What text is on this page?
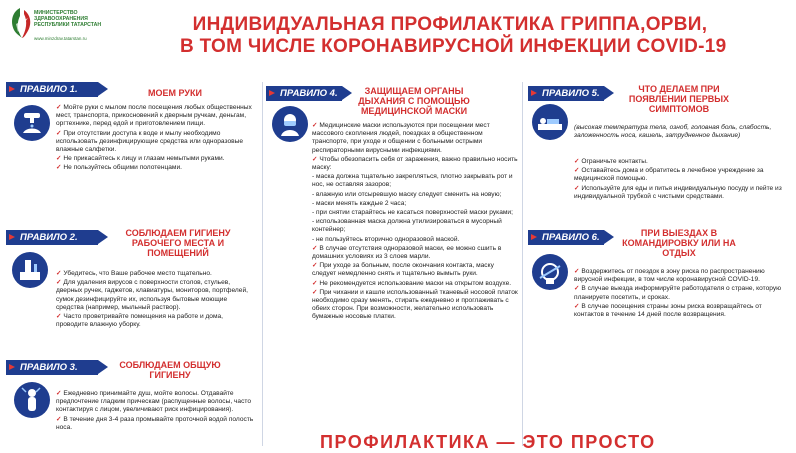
МИНИСТЕРСТВО ЗДРАВООХРАНЕНИЯ
РЕСПУБЛИКИ ТАТАРСТАН
www.minzdrav.tatarstan.ru
ИНДИВИДУАЛЬНАЯ ПРОФИЛАКТИКА ГРИППА,ОРВИ,
В ТОМ ЧИСЛЕ КОРОНАВИРУСНОЙ ИНФЕКЦИИ COVID-19
ПРАВИЛО 1.	МОЕМ РУКИ

✓ Мойте руки с мылом после посещения любых общественных мест, транспорта, прикосновений к дверным ручкам, деньгам, оргтехнике, перед едой и приготовлением пищи.

✓ При отсутствии доступа к воде и мылу необходимо использовать дезинфицирующие средства или одноразовые влажные салфетки.

✓ Не прикасайтесь к лицу и глазам немытыми руками.

✓ Не пользуйтесь общими полотенцами.

ПРАВИЛО 2.	СОБЛЮДАЕМ ГИГИЕНУ РАБОЧЕГО МЕСТА И ПОМЕЩЕНИЙ

✓ Убедитесь, что Ваше рабочее место тщательно.

✓ Для удаления вирусов с поверхности столов, стульев, дверных ручек, гаджетов, клавиатуры, мониторов, портфелей, сумок дезинфицируйте их, используя бытовые моющие средства (например, мыльный раствор).

✓ Часто проветривайте помещения на работе и дома, проводите влажную уборку.

ПРАВИЛО 3.	СОБЛЮДАЕМ ОБЩУЮ ГИГИЕНУ

✓ Ежедневно принимайте душ, мойте волосы. Отдавайте предпочтение гладким прическам (распущенные волосы, часто контактируя с лицом, увеличивают риск инфицирования).

✓ В течение дня 3-4 раза промывайте проточной водой полость носа.

ПРАВИЛО 4.	ЗАЩИЩАЕМ ОРГАНЫ ДЫХАНИЯ С ПОМОЩЬЮ МЕДИЦИНСКОЙ МАСКИ

✓ Медицинские маски используются при посещении мест массового скопления людей, поездках в общественном транспорте, при уходе и общении с больными острыми респираторными вирусными инфекциями.

✓ Чтобы обезопасить себя от заражения, важно правильно носить маску:

- маска должна тщательно закрепляться, плотно закрывать рот и нос, не оставляя зазоров;

- влажную или отсыревшую маску следует сменить на новую;

- маски менять каждые 2 часа;

- при снятии старайтесь не касаться поверхностей маски руками;

- использованная маска должна утилизироваться в мусорный контейнер;

- не пользуйтесь вторично одноразовой маской.

✓ В случае отсутствия одноразовой маски, ее можно сшить в домашних условиях из 3 слоев марли.

✓ При уходе за больным, после окончания контакта, маску следует немедленно снять и тщательно вымыть руки.

✓ Не рекомендуется использование маски на открытом воздухе.

✓ При чихании и кашле использованный тканевый носовой платок необходимо сразу менять, стирать ежедневно и проглаживать с обеих сторон. При возможности, желательно использовать бумажные носовые платки.

ПРАВИЛО 5.	ЧТО ДЕЛАЕМ ПРИ ПОЯВЛЕНИИ ПЕРВЫХ СИМПТОМОВ
(высокая температура тела, озноб, головная боль, слабость, заложенность носа, кашель, затрудненное дыхание)

✓ Ограничьте контакты.

✓ Оставайтесь дома и обратитесь в лечебное учреждение за медицинской помощью.

✓ Используйте для еды и питья индивидуальную посуду и пейте из индивидуальной трубкой с чистыми средствами.

ПРАВИЛО 6.	ПРИ ВЫЕЗДАХ В КОМАНДИРОВКУ ИЛИ НА ОТДЫХ

✓ Воздержитесь от поездок в зону риска по распространению вирусной инфекции, в том числе коронавирусной COVID-19.

✓ В случае выезда информируйте работодателя о стране, которую планируете посетить, и сроках.

✓ В случае посещения страны зоны риска возвращайтесь от контактов в течение 14 дней после возвращения.

ПРОФИЛАКТИКА — ЭТО ПРОСТО
